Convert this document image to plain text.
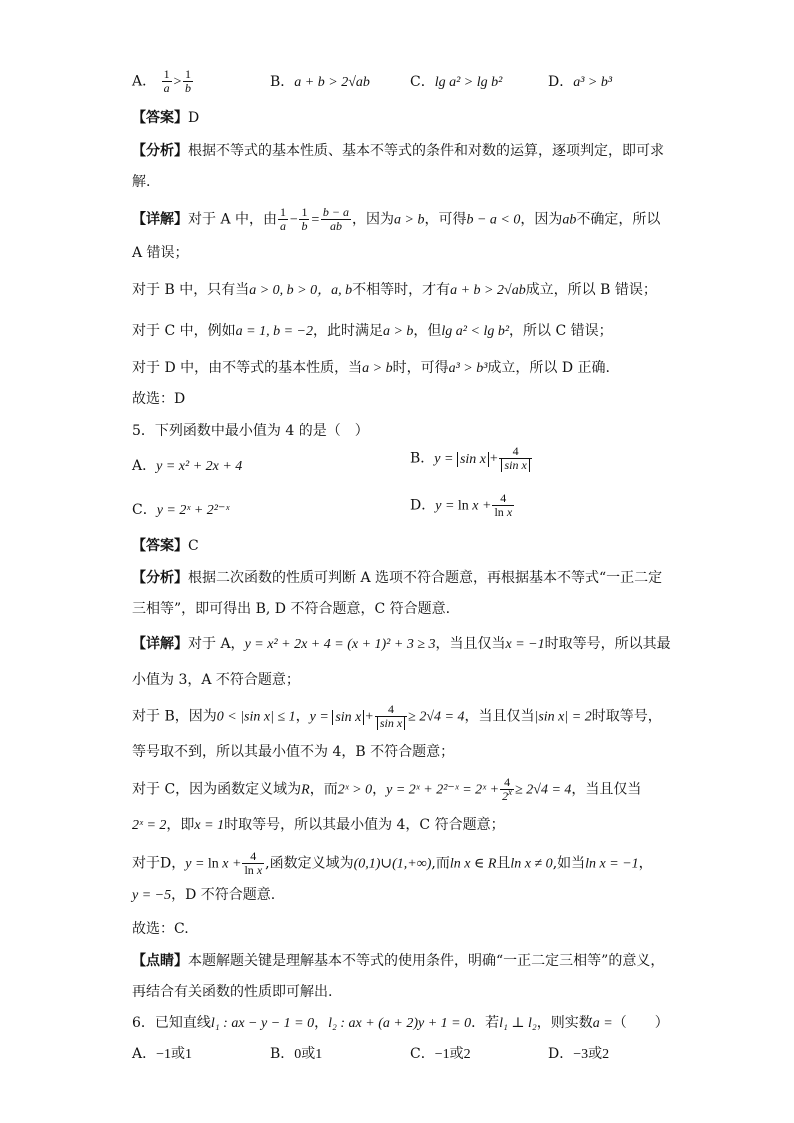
A． $\frac{1}{a} > \frac{1}{b}$	B．a + b > 2√ab	C．lg a² > lg b²	D．a³ > b³
【答案】D
【分析】根据不等式的基本性质、基本不等式的条件和对数的运算，逐项判定，即可求
解.
【详解】对于 A 中，由 $\frac{1}{a} - \frac{1}{b} = \frac{b - a}{ab}$ ，因为a > b，可得b − a < 0，因为ab不确定，所以
A 错误；
对于 B 中，只有当a > 0, b > 0，a, b不相等时，才有a + b > 2√ab成立，所以 B 错误；
对于 C 中，例如a = 1, b = −2，此时满足a > b，但lg a² < lg b²，所以 C 错误；
对于 D 中，由不等式的基本性质，当a > b时，可得a³ > b³成立，所以 D 正确.
故选：D
5．下列函数中最小值为 4 的是（　）
A．y = x² + 2x + 4	B．$y = \sin x + \frac{4}{\text{sin x}}$
C．y = 2ˣ + 2²⁻ˣ	D．$y = \ln x + \frac{4}{\text{ln x}}$
【答案】C
【分析】根据二次函数的性质可判断 A 选项不符合题意，再根据基本不等式“一正二定
三相等”，即可得出 B, D 不符合题意，C 符合题意.
【详解】对于 A，y = x² + 2x + 4 = (x + 1)² + 3 ≥ 3，当且仅当x = −1时取等号，所以其最
小值为 3，A 不符合题意；
对于 B，因为0 < |sin x| ≤ 1，$y = \sin x + \frac{4}{\text{sin x}} \ge 2√4 = 4$，当且仅当|sin x| = 2时取等号，
等号取不到，所以其最小值不为 4，B 不符合题意；
对于 C，因为函数定义域为R，而2ˣ > 0，y = 2ˣ + 2²⁻ˣ = 2ˣ + $\frac{4}{2^x} \ge 2√4 = 4$，当且仅当
2ˣ = 2，即x = 1时取等号，所以其最小值为 4，C 符合题意；
对于D，$y = \ln x + \frac{4}{\text{ln x}}$ ,函数定义域为(0,1)∪(1,+∞),而ln x ∈ R且ln x ≠ 0,如当ln x = −1，
y = −5，D 不符合题意.
故选：C.
【点睛】本题解题关键是理解基本不等式的使用条件，明确“一正二定三相等”的意义，
再结合有关函数的性质即可解出.
6．已知直线l₁ : ax − y − 1 = 0，l₂ : ax + (a + 2)y + 1 = 0．若l₁ ⊥ l₂，则实数a =（　　）
A．−1或1	B．0或1	C．−1或2	D．−3或2
